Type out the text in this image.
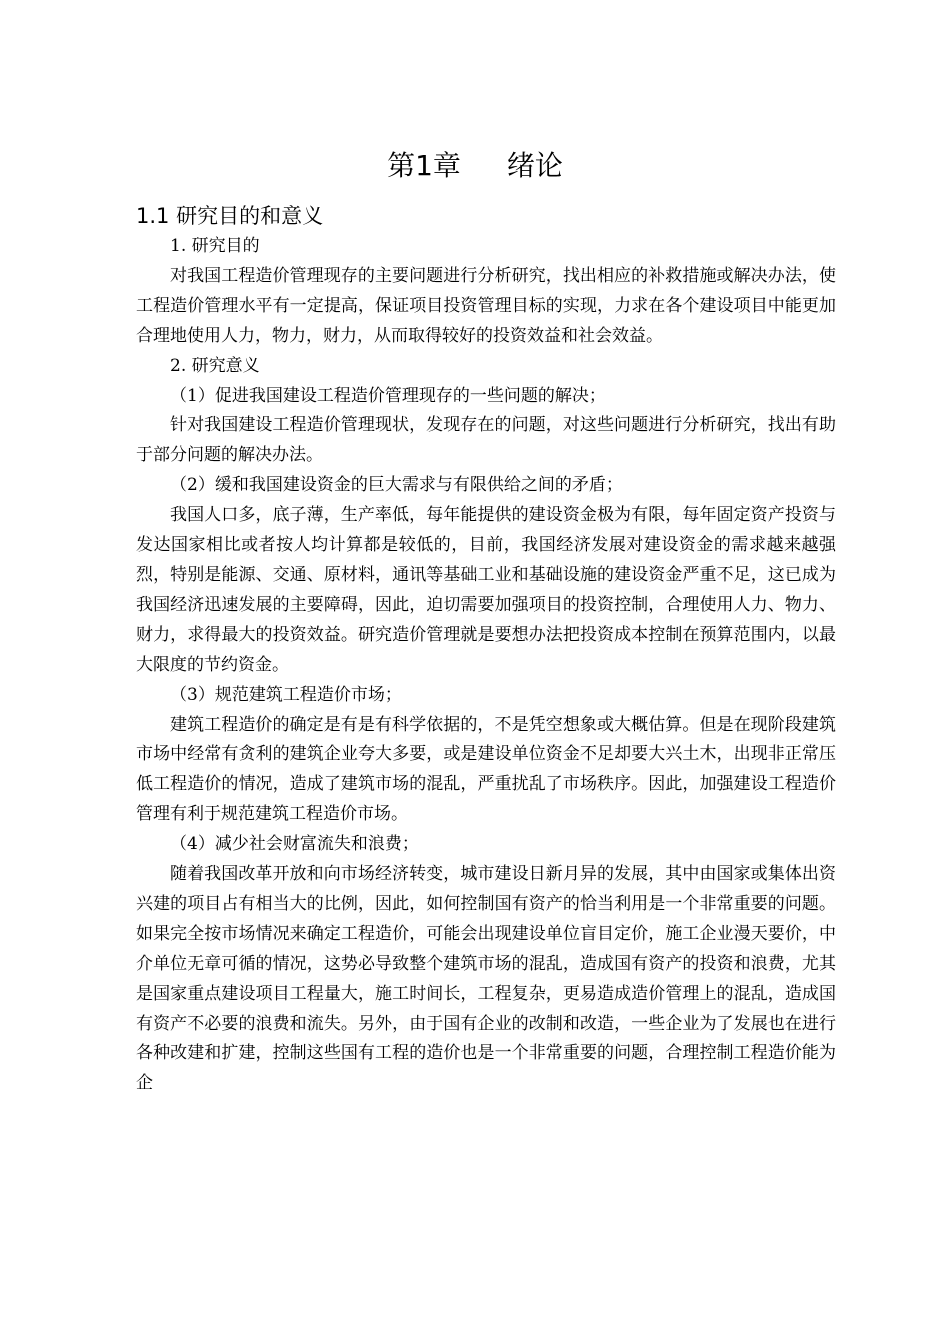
第1章 绪论
1.1 研究目的和意义

1. 研究目的

对我国工程造价管理现存的主要问题进行分析研究，找出相应的补救措施或解决办法，使工程造价管理水平有一定提高，保证项目投资管理目标的实现，力求在各个建设项目中能更加合理地使用人力，物力，财力，从而取得较好的投资效益和社会效益。

2. 研究意义

（1）促进我国建设工程造价管理现存的一些问题的解决；

针对我国建设工程造价管理现状，发现存在的问题，对这些问题进行分析研究，找出有助于部分问题的解决办法。

（2）缓和我国建设资金的巨大需求与有限供给之间的矛盾；

我国人口多，底子薄，生产率低，每年能提供的建设资金极为有限，每年固定资产投资与发达国家相比或者按人均计算都是较低的，目前，我国经济发展对建设资金的需求越来越强烈，特别是能源、交通、原材料，通讯等基础工业和基础设施的建设资金严重不足，这已成为我国经济迅速发展的主要障碍，因此，迫切需要加强项目的投资控制，合理使用人力、物力、财力，求得最大的投资效益。研究造价管理就是要想办法把投资成本控制在预算范围内，以最大限度的节约资金。

（3）规范建筑工程造价市场；

建筑工程造价的确定是有是有科学依据的，不是凭空想象或大概估算。但是在现阶段建筑市场中经常有贪利的建筑企业夸大多要，或是建设单位资金不足却要大兴土木，出现非正常压低工程造价的情况，造成了建筑市场的混乱，严重扰乱了市场秩序。因此，加强建设工程造价管理有利于规范建筑工程造价市场。

（4）减少社会财富流失和浪费；

随着我国改革开放和向市场经济转变，城市建设日新月异的发展，其中由国家或集体出资兴建的项目占有相当大的比例，因此，如何控制国有资产的恰当利用是一个非常重要的问题。如果完全按市场情况来确定工程造价，可能会出现建设单位盲目定价，施工企业漫天要价，中介单位无章可循的情况，这势必导致整个建筑市场的混乱，造成国有资产的投资和浪费，尤其是国家重点建设项目工程量大，施工时间长，工程复杂，更易造成造价管理上的混乱，造成国有资产不必要的浪费和流失。另外，由于国有企业的改制和改造，一些企业为了发展也在进行各种改建和扩建，控制这些国有工程的造价也是一个非常重要的问题，合理控制工程造价能为企
